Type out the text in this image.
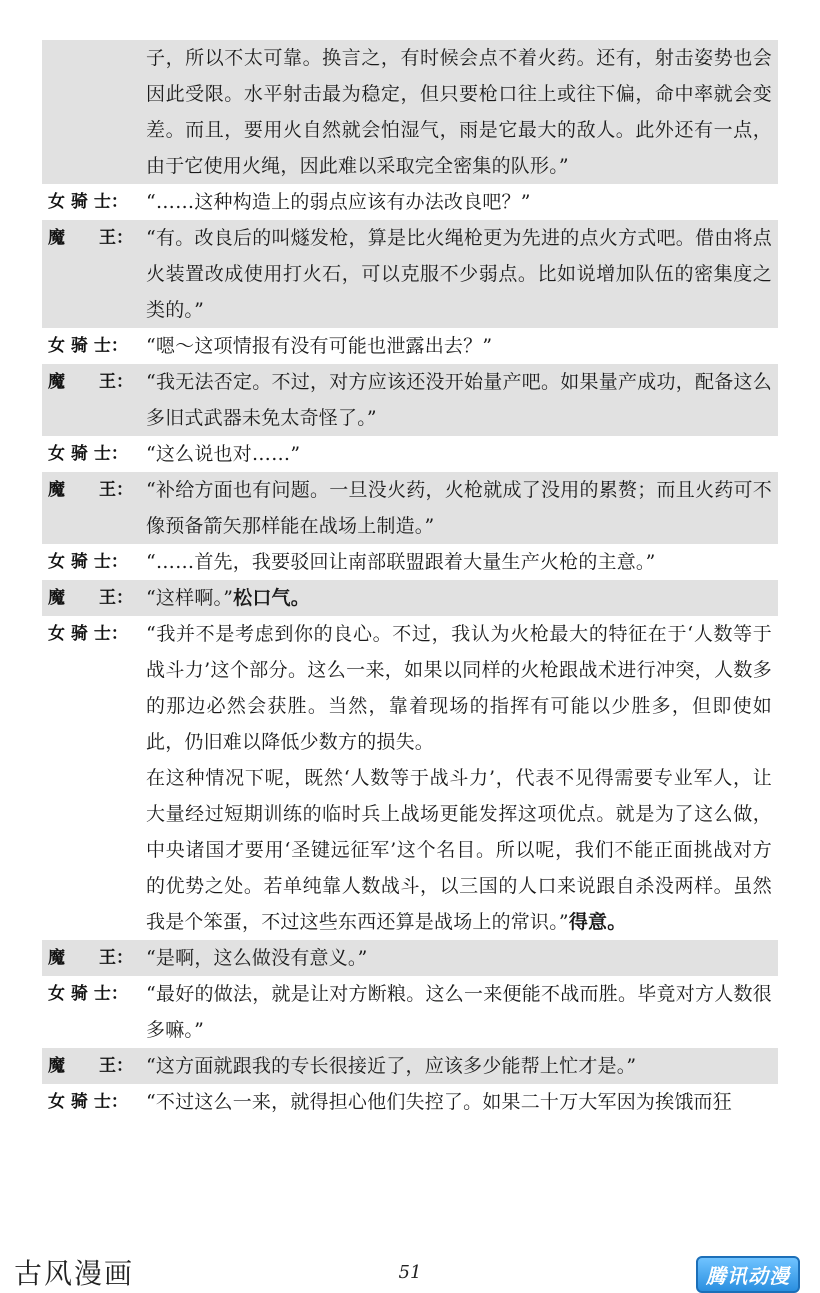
子，所以不太可靠。换言之，有时候会点不着火药。还有，射击姿势也会因此受限。水平射击最为稳定，但只要枪口往上或往下偏，命中率就会变差。而且，要用火自然就会怕湿气，雨是它最大的敌人。此外还有一点，由于它使用火绳，因此难以采取完全密集的队形。”
女 骑 士： “……这种构造上的弱点应该有办法改良吧？”
魔　　王： “有。改良后的叫燧发枪，算是比火绳枪更为先进的点火方式吧。借由将点火装置改成使用打火石，可以克服不少弱点。比如说增加队伍的密集度之类的。”
女 骑 士： “嗯～这项情报有没有可能也泄露出去？”
魔　　王： “我无法否定。不过，对方应该还没开始量产吧。如果量产成功，配备这么多旧式武器未免太奇怪了。”
女 骑 士： “这么说也对……”
魔　　王： “补给方面也有问题。一旦没火药，火枪就成了没用的累赘；而且火药可不像预备箭矢那样能在战场上制造。”
女 骑 士： “……首先，我要驳回让南部联盟跟着大量生产火枪的主意。”
魔　　王： “这样啊。”松口气。
女 骑 士： “我并不是考虑到你的良心。不过，我认为火枪最大的特征在于‘人数等于战斗力’这个部分。这么一来，如果以同样的火枪跟战术进行冲突，人数多的那边必然会获胜。当然，靠着现场的指挥有可能以少胜多，但即使如此，仍旧难以降低少数方的损失。
在这种情况下呢，既然‘人数等于战斗力’，代表不见得需要专业军人，让大量经过短期训练的临时兵上战场更能发挥这项优点。就是为了这么做，中央诸国才要用‘圣键远征军’这个名目。所以呢，我们不能正面挑战对方的优势之处。若单纯靠人数战斗，以三国的人口来说跟自杀没两样。虽然我是个笨蛋，不过这些东西还算是战场上的常识。”得意。
魔　　王： “是啊，这么做没有意义。”
女 骑 士： “最好的做法，就是让对方断粮。这么一来便能不战而胜。毕竟对方人数很多嘛。”
魔　　王： “这方面就跟我的专长很接近了，应该多少能帮上忙才是。”
女 骑 士： “不过这么一来，就得担心他们失控了。如果二十万大军因为挨饿而狂
古风漫画	51	腾讯动漫
